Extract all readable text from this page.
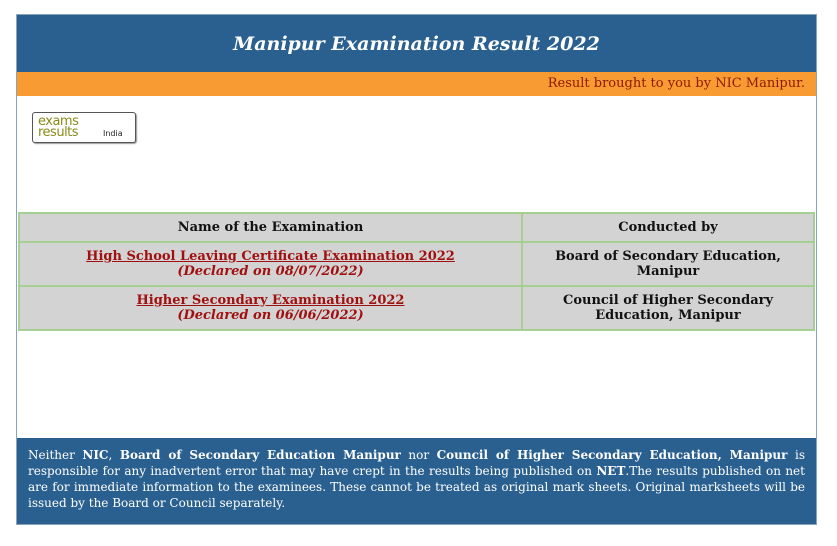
Manipur Examination Result 2022
Result brought to you by NIC Manipur.
exams
results	India
Name of the Examination	Conducted by
High School Leaving Certificate Examination 2022
(Declared on 08/07/2022)	Board of Secondary Education, Manipur
Higher Secondary Examination 2022
(Declared on 06/06/2022)	Council of Higher Secondary Education, Manipur
Neither NIC, Board of Secondary Education Manipur nor Council of Higher Secondary Education, Manipur is responsible for any inadvertent error that may have crept in the results being published on NET.The results published on net are for immediate information to the examinees. These cannot be treated as original mark sheets. Original marksheets will be issued by the Board or Council separately.
